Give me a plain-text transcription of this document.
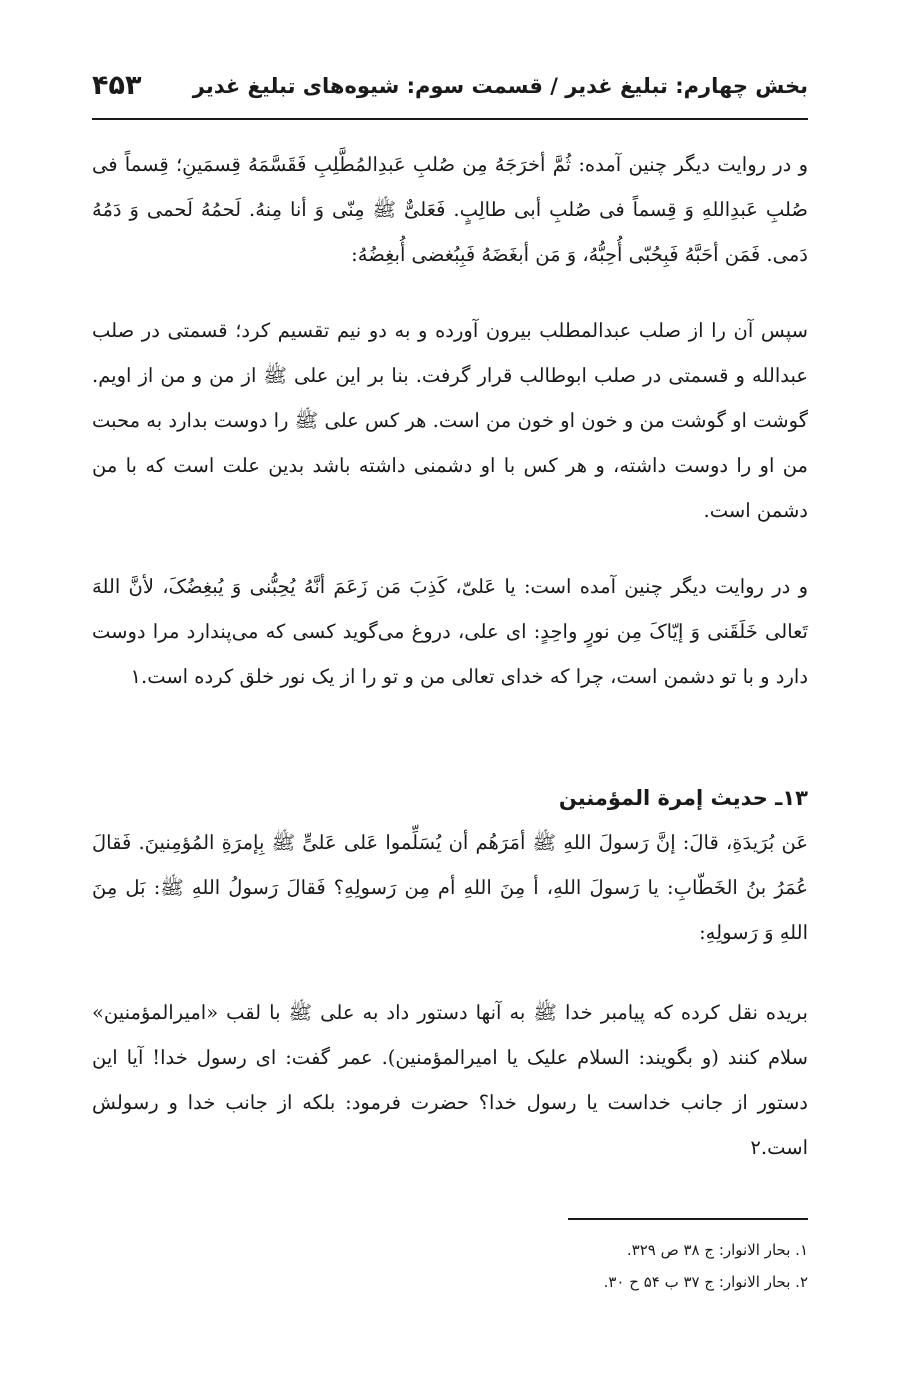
بخش چهارم: تبلیغ غدیر / قسمت سوم: شیوه‌های تبلیغ غدیر
۴۵۳

و در روایت دیگر چنین آمده: ثُمَّ أخرَجَهُ مِن صُلبِ عَبدِالمُطَّلِبِ فَقَسَّمَهُ قِسمَینِ؛ قِسماً فی صُلبِ عَبدِاللهِ وَ قِسماً فی صُلبِ أبی طالِبٍ. فَعَلیٌّ ﷺ مِنّی وَ أنا مِنهُ. لَحمُهُ لَحمی وَ دَمُهُ دَمی. فَمَن أحَبَّهُ فَبِحُبّی أُحِبُّهُ، وَ مَن أبغَضَهُ فَبِبُغضی أُبغِضُهُ:

سپس آن را از صلب عبدالمطلب بیرون آورده و به دو نیم تقسیم کرد؛ قسمتی در صلب عبدالله و قسمتی در صلب ابوطالب قرار گرفت. بنا بر این علی ﷺ از من و من از اویم. گوشت او گوشت من و خون او خون من است. هر کس علی ﷺ را دوست بدارد به محبت من او را دوست داشته، و هر کس با او دشمنی داشته باشد بدین علت است که با من دشمن است.

و در روایت دیگر چنین آمده است: یا عَلیّ، کَذِبَ مَن زَعَمَ أنَّهُ یُحِبُّنی وَ یُبغِضُکَ، لأنَّ اللهَ تَعالی خَلَقَنی وَ إیّاکَ مِن نورٍ واحِدٍ: ای علی، دروغ می‌گوید کسی که می‌پندارد مرا دوست دارد و با تو دشمن است، چرا که خدای تعالی من و تو را از یک نور خلق کرده است.۱

۱۳ـ حدیث إمرة المؤمنین

عَن بُرَیدَةِ، قالَ: إنَّ رَسولَ اللهِ ﷺ أمَرَهُم أن یُسَلِّموا عَلی عَلیٍّ ﷺ بِإمرَةِ المُؤمِنینَ. فَقالَ عُمَرُ بنُ الخَطّابِ: یا رَسولَ اللهِ، أ مِنَ اللهِ أم مِن رَسولِهِ؟ فَقالَ رَسولُ اللهِ ﷺ: بَل مِنَ اللهِ وَ رَسولِهِ:

بریده نقل کرده که پیامبر خدا ﷺ به آنها دستور داد به علی ﷺ با لقب «امیرالمؤمنین» سلام کنند (و بگویند: السلام علیک یا امیرالمؤمنین). عمر گفت: ای رسول خدا! آیا این دستور از جانب خداست یا رسول خدا؟ حضرت فرمود: بلکه از جانب خدا و رسولش است.۲

۱. بحار الانوار: ج ۳۸ ص ۳۲۹.

۲. بحار الانوار: ج ۳۷ ب ۵۴ ح ۳۰.
